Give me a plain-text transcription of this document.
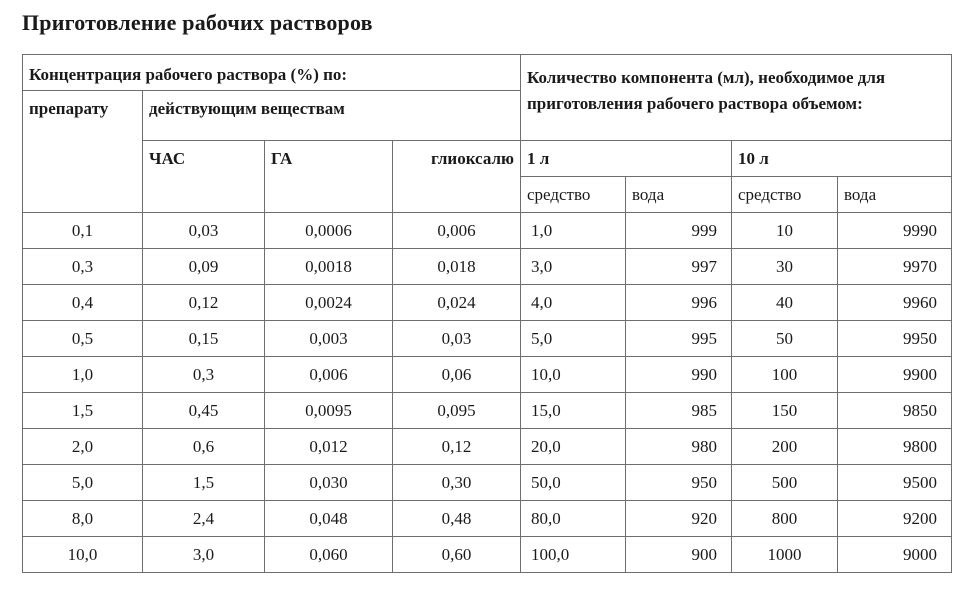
Приготовление рабочих растворов
Концентрация рабочего раствора (%) по:				Количество компонента (мл), необходимое для приготовления рабочего раствора объемом:			
препарату	действующим веществам						
	ЧАС	ГА	глиоксалю	1 л		10 л	
				средство	вода	средство	вода
0,1	0,03	0,0006	0,006	1,0	999	10	9990
0,3	0,09	0,0018	0,018	3,0	997	30	9970
0,4	0,12	0,0024	0,024	4,0	996	40	9960
0,5	0,15	0,003	0,03	5,0	995	50	9950
1,0	0,3	0,006	0,06	10,0	990	100	9900
1,5	0,45	0,0095	0,095	15,0	985	150	9850
2,0	0,6	0,012	0,12	20,0	980	200	9800
5,0	1,5	0,030	0,30	50,0	950	500	9500
8,0	2,4	0,048	0,48	80,0	920	800	9200
10,0	3,0	0,060	0,60	100,0	900	1000	9000
